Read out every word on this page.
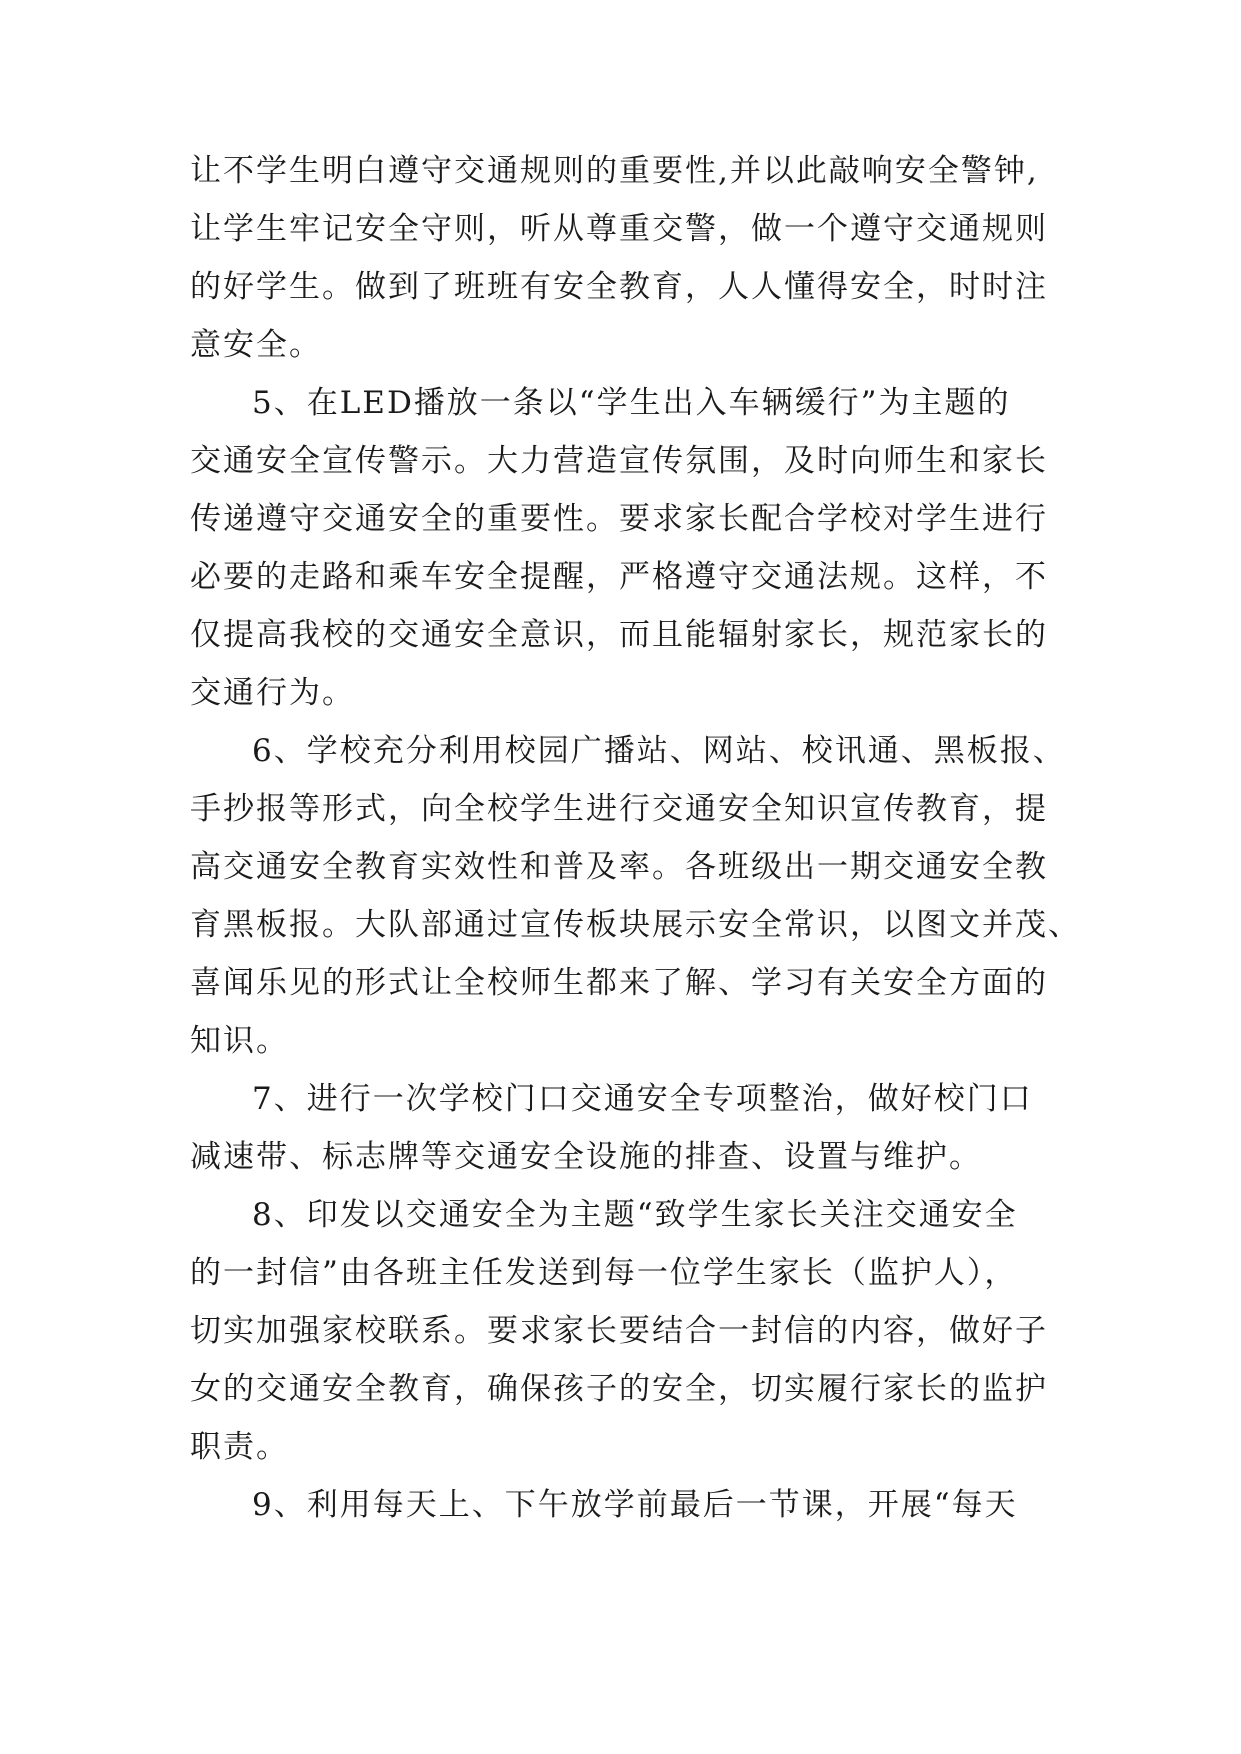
让不学生明白遵守交通规则的重要性,并以此敲响安全警钟,

让学生牢记安全守则，听从尊重交警，做一个遵守交通规则

的好学生。做到了班班有安全教育，人人懂得安全，时时注

意安全。

5、在LED播放一条以“学生出入车辆缓行”为主题的

交通安全宣传警示。大力营造宣传氛围，及时向师生和家长

传递遵守交通安全的重要性。要求家长配合学校对学生进行

必要的走路和乘车安全提醒，严格遵守交通法规。这样，不

仅提高我校的交通安全意识，而且能辐射家长，规范家长的

交通行为。

6、学校充分利用校园广播站、网站、校讯通、黑板报、

手抄报等形式，向全校学生进行交通安全知识宣传教育，提

高交通安全教育实效性和普及率。各班级出一期交通安全教

育黑板报。大队部通过宣传板块展示安全常识，以图文并茂、

喜闻乐见的形式让全校师生都来了解、学习有关安全方面的

知识。

7、进行一次学校门口交通安全专项整治，做好校门口

减速带、标志牌等交通安全设施的排查、设置与维护。

8、印发以交通安全为主题“致学生家长关注交通安全

的一封信”由各班主任发送到每一位学生家长（监护人），

切实加强家校联系。要求家长要结合一封信的内容，做好子

女的交通安全教育，确保孩子的安全，切实履行家长的监护

职责。

9、利用每天上、下午放学前最后一节课，开展“每天
